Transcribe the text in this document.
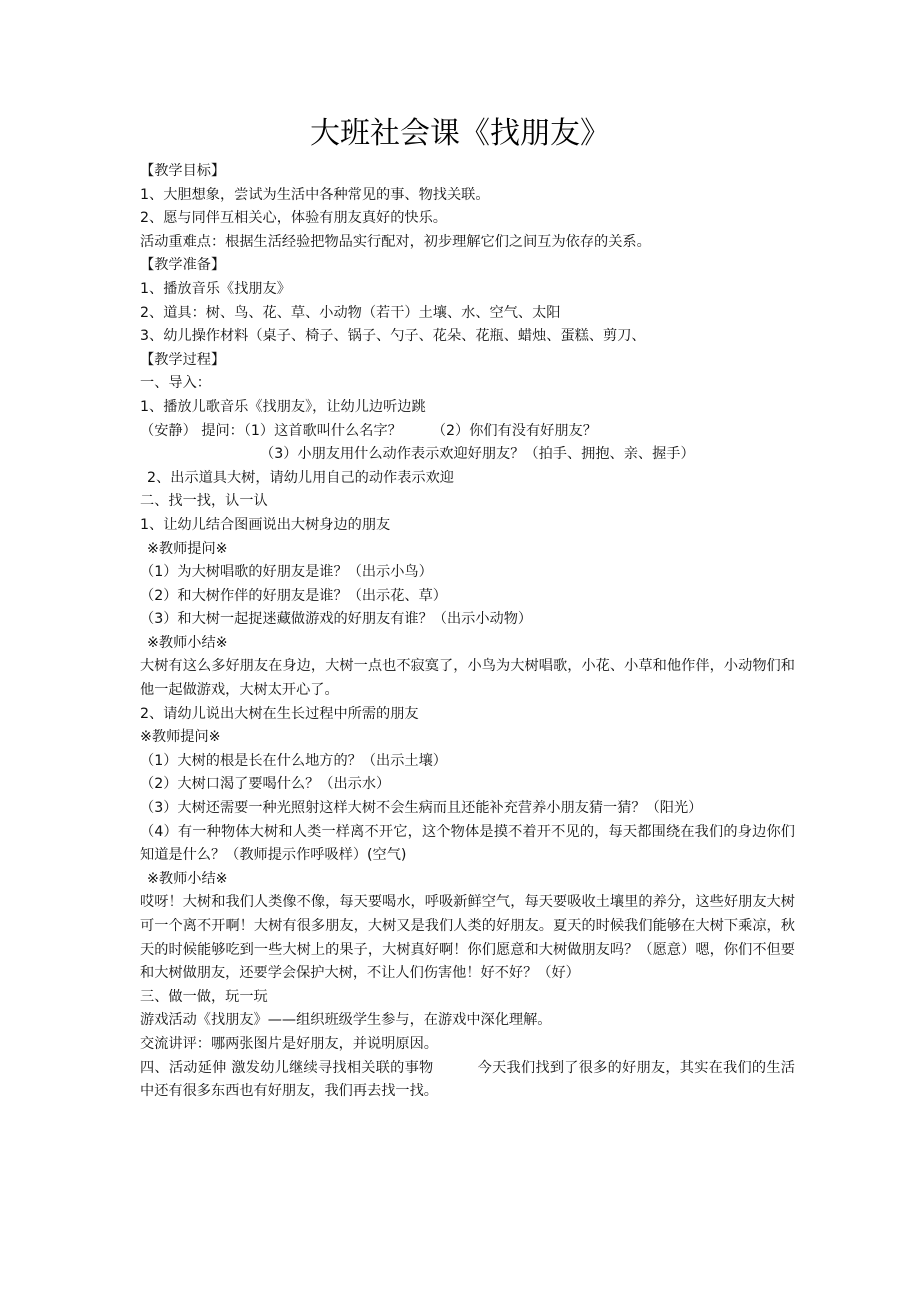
大班社会课《找朋友》

【教学目标】

1、大胆想象，尝试为生活中各种常见的事、物找关联。

2、愿与同伴互相关心，体验有朋友真好的快乐。

活动重难点：根据生活经验把物品实行配对，初步理解它们之间互为依存的关系。

【教学准备】

1、播放音乐《找朋友》

2、道具：树、鸟、花、草、小动物（若干）土壤、水、空气、太阳

3、幼儿操作材料（桌子、椅子、锅子、勺子、花朵、花瓶、蜡烛、蛋糕、剪刀、

【教学过程】

一、导入：

1、播放儿歌音乐《找朋友》，让幼儿边听边跳

（安静） 提问：（1）这首歌叫什么名字？ （2）你们有没有好朋友？

（3）小朋友用什么动作表示欢迎好朋友？（拍手、拥抱、亲、握手）

2、出示道具大树，请幼儿用自己的动作表示欢迎

二、找一找，认一认

1、让幼儿结合图画说出大树身边的朋友

※教师提问※

（1）为大树唱歌的好朋友是谁？（出示小鸟）

（2）和大树作伴的好朋友是谁？（出示花、草）

（3）和大树一起捉迷藏做游戏的好朋友有谁？（出示小动物）

※教师小结※

大树有这么多好朋友在身边，大树一点也不寂寞了，小鸟为大树唱歌，小花、小草和他作伴，小动物们和他一起做游戏，大树太开心了。

2、请幼儿说出大树在生长过程中所需的朋友

※教师提问※

（1）大树的根是长在什么地方的？（出示土壤）

（2）大树口渴了要喝什么？（出示水）

（3）大树还需要一种光照射这样大树不会生病而且还能补充营养小朋友猜一猜？（阳光）

（4）有一种物体大树和人类一样离不开它，这个物体是摸不着开不见的，每天都围绕在我们的身边你们知道是什么？（教师提示作呼吸样）(空气)

※教师小结※

哎呀！大树和我们人类像不像，每天要喝水，呼吸新鲜空气，每天要吸收土壤里的养分，这些好朋友大树可一个离不开啊！大树有很多朋友，大树又是我们人类的好朋友。夏天的时候我们能够在大树下乘凉，秋天的时候能够吃到一些大树上的果子，大树真好啊！你们愿意和大树做朋友吗？（愿意）嗯，你们不但要和大树做朋友，还要学会保护大树，不让人们伤害他！好不好？（好）

三、做一做，玩一玩

游戏活动《找朋友》——组织班级学生参与，在游戏中深化理解。

交流讲评：哪两张图片是好朋友，并说明原因。

四、活动延伸 激发幼儿继续寻找相关联的事物	今天我们找到了很多的好朋友，其实在我们的生活中还有很多东西也有好朋友，我们再去找一找。
